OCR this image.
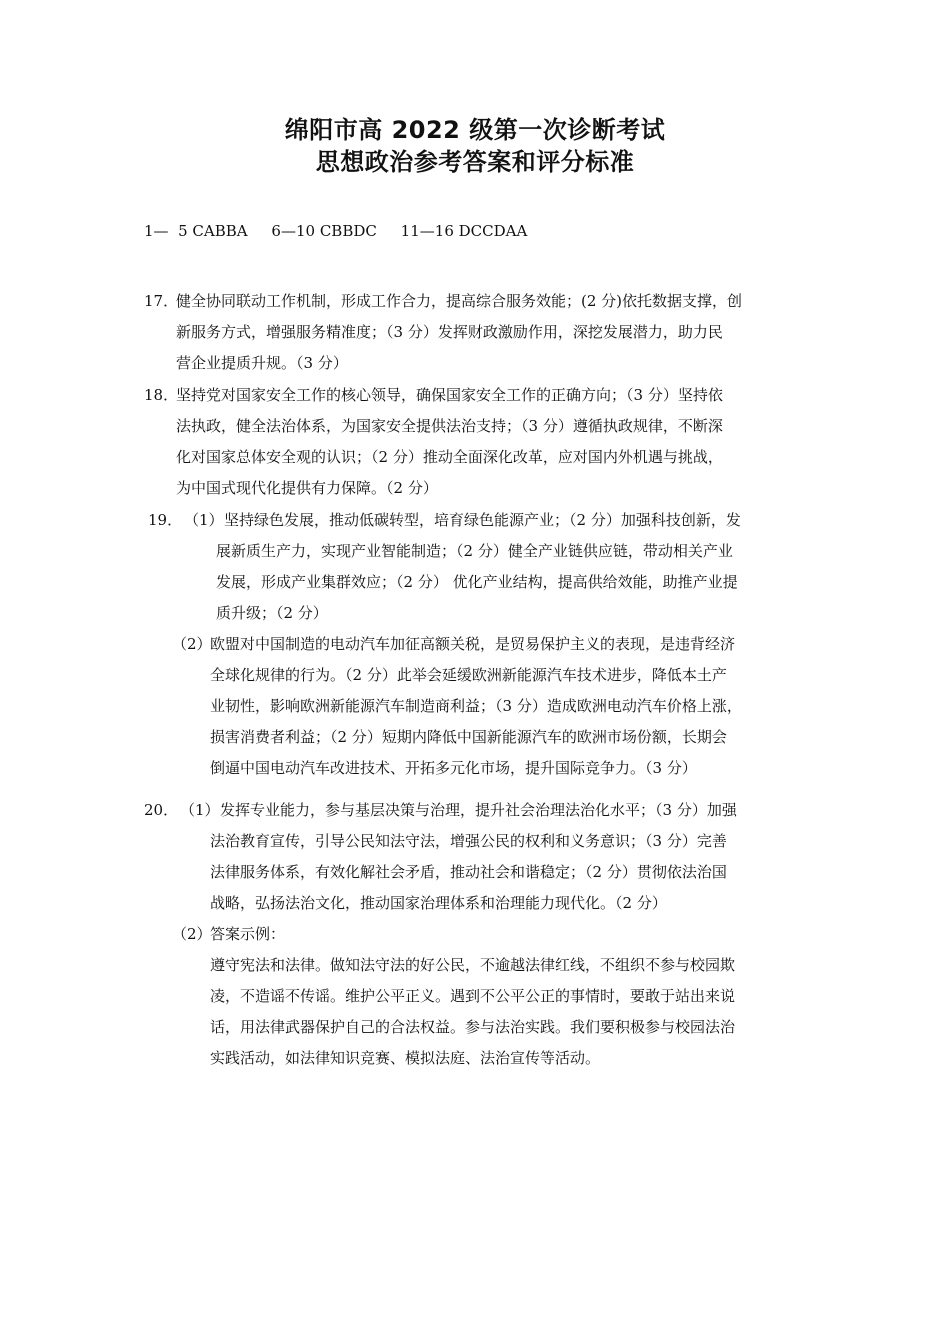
绵阳市高 2022 级第一次诊断考试
思想政治参考答案和评分标准
1—  5 CABBA     6—10 CBBDC     11—16 DCCDAA
17．
健全协同联动工作机制，形成工作合力，提高综合服务效能；(2 分)依托数据支撑，创
新服务方式，增强服务精准度；（3 分）发挥财政激励作用，深挖发展潜力，助力民
营企业提质升规。（3 分）
18．
坚持党对国家安全工作的核心领导，确保国家安全工作的正确方向；（3 分）坚持依
法执政，健全法治体系，为国家安全提供法治支持；（3 分）遵循执政规律，不断深
化对国家总体安全观的认识；（2 分）推动全面深化改革，应对国内外机遇与挑战，
为中国式现代化提供有力保障。（2 分）
19． （1） 坚持绿色发展，推动低碳转型，培育绿色能源产业；（2 分）加强科技创新，发
展新质生产力，实现产业智能制造；（2 分）健全产业链供应链，带动相关产业
发展，形成产业集群效应；（2 分） 优化产业结构，提高供给效能，助推产业提
质升级；（2 分）
（2）
欧盟对中国制造的电动汽车加征高额关税，是贸易保护主义的表现，是违背经济
全球化规律的行为。（2 分）此举会延缓欧洲新能源汽车技术进步，降低本土产
业韧性，影响欧洲新能源汽车制造商利益；（3 分）造成欧洲电动汽车价格上涨，
损害消费者利益；（2 分）短期内降低中国新能源汽车的欧洲市场份额，长期会
倒逼中国电动汽车改进技术、开拓多元化市场，提升国际竞争力。（3 分）
20． （1） 发挥专业能力，参与基层决策与治理，提升社会治理法治化水平；（3 分）加强
法治教育宣传，引导公民知法守法，增强公民的权利和义务意识；（3 分）完善
法律服务体系，有效化解社会矛盾，推动社会和谐稳定；（2 分）贯彻依法治国
战略，弘扬法治文化，推动国家治理体系和治理能力现代化。（2 分）
（2）
答案示例：
遵守宪法和法律。做知法守法的好公民，不逾越法律红线，不组织不参与校园欺
凌，不造谣不传谣。维护公平正义。遇到不公平公正的事情时，要敢于站出来说
话，用法律武器保护自己的合法权益。参与法治实践。我们要积极参与校园法治
实践活动，如法律知识竞赛、模拟法庭、法治宣传等活动。
